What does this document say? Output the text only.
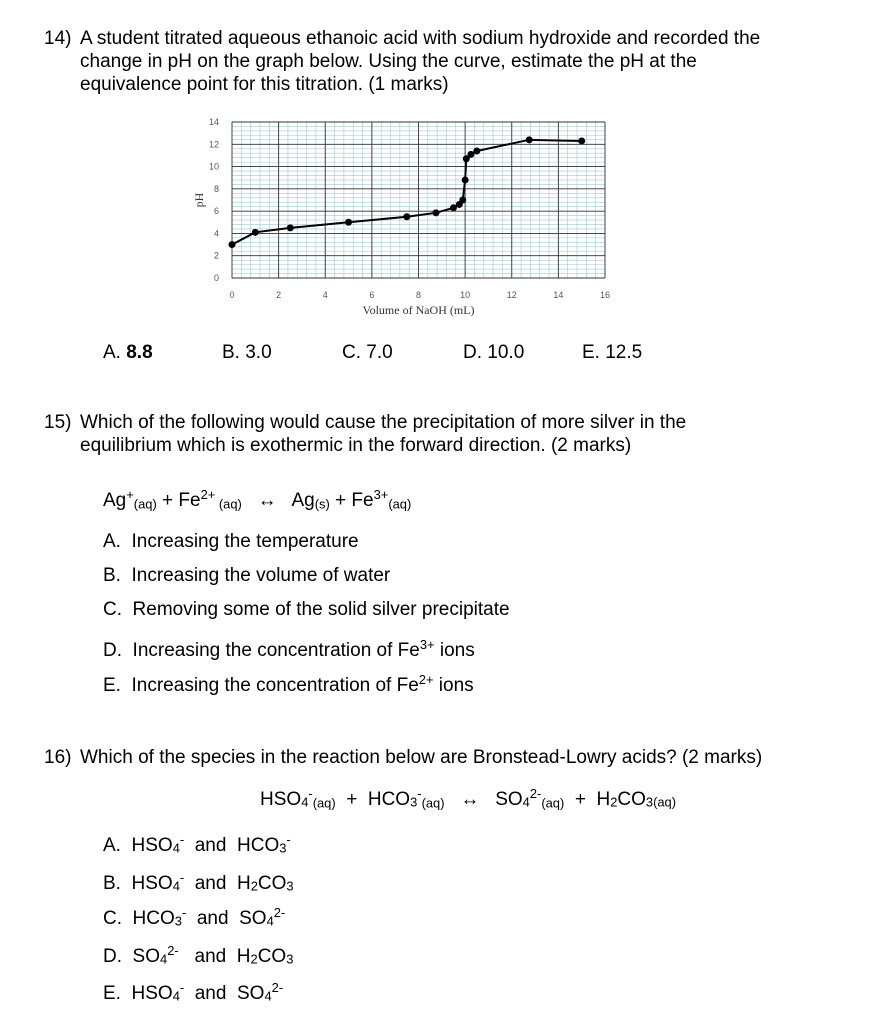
14) A student titrated aqueous ethanoic acid with sodium hydroxide and recorded the
change in pH on the graph below. Using the curve, estimate the pH at the
equivalence point for this titration. (1 marks)
0	2	4	6	8	10	12	14	16
0
2
4
6
8
10
12
14
Volume of NaOH (mL)
pH
A. 8.8	B. 3.0	C. 7.0	D. 10.0	E. 12.5
15) Which of the following would cause the precipitation of more silver in the
equilibrium which is exothermic in the forward direction. (2 marks)
$Ag^+(aq) + Fe^{2+}$ (aq)   ↔   $Ag(s) + Fe^{3+}(aq)$
A.  Increasing the temperature
B.  Increasing the volume of water
C.  Removing some of the solid silver precipitate
D.  Increasing the concentration of $Fe^{3+}$ ions
E.  Increasing the concentration of $Fe^{2+}$ ions
16) Which of the species in the reaction below are Bronstead-Lowry acids? (2 marks)
HSO4-(aq)  +  HCO3-(aq)   ↔   $SO4^{2-}(aq) + H2CO3(aq)$
A.  HSO4-  and  HCO3-
B.  HSO4-  and  H2CO3
C.  HCO3-  and  $SO4^{2-}$
D.  $SO4^{2-}$   and  H2CO3
E.  HSO4-  and  $SO4^{2-}$
